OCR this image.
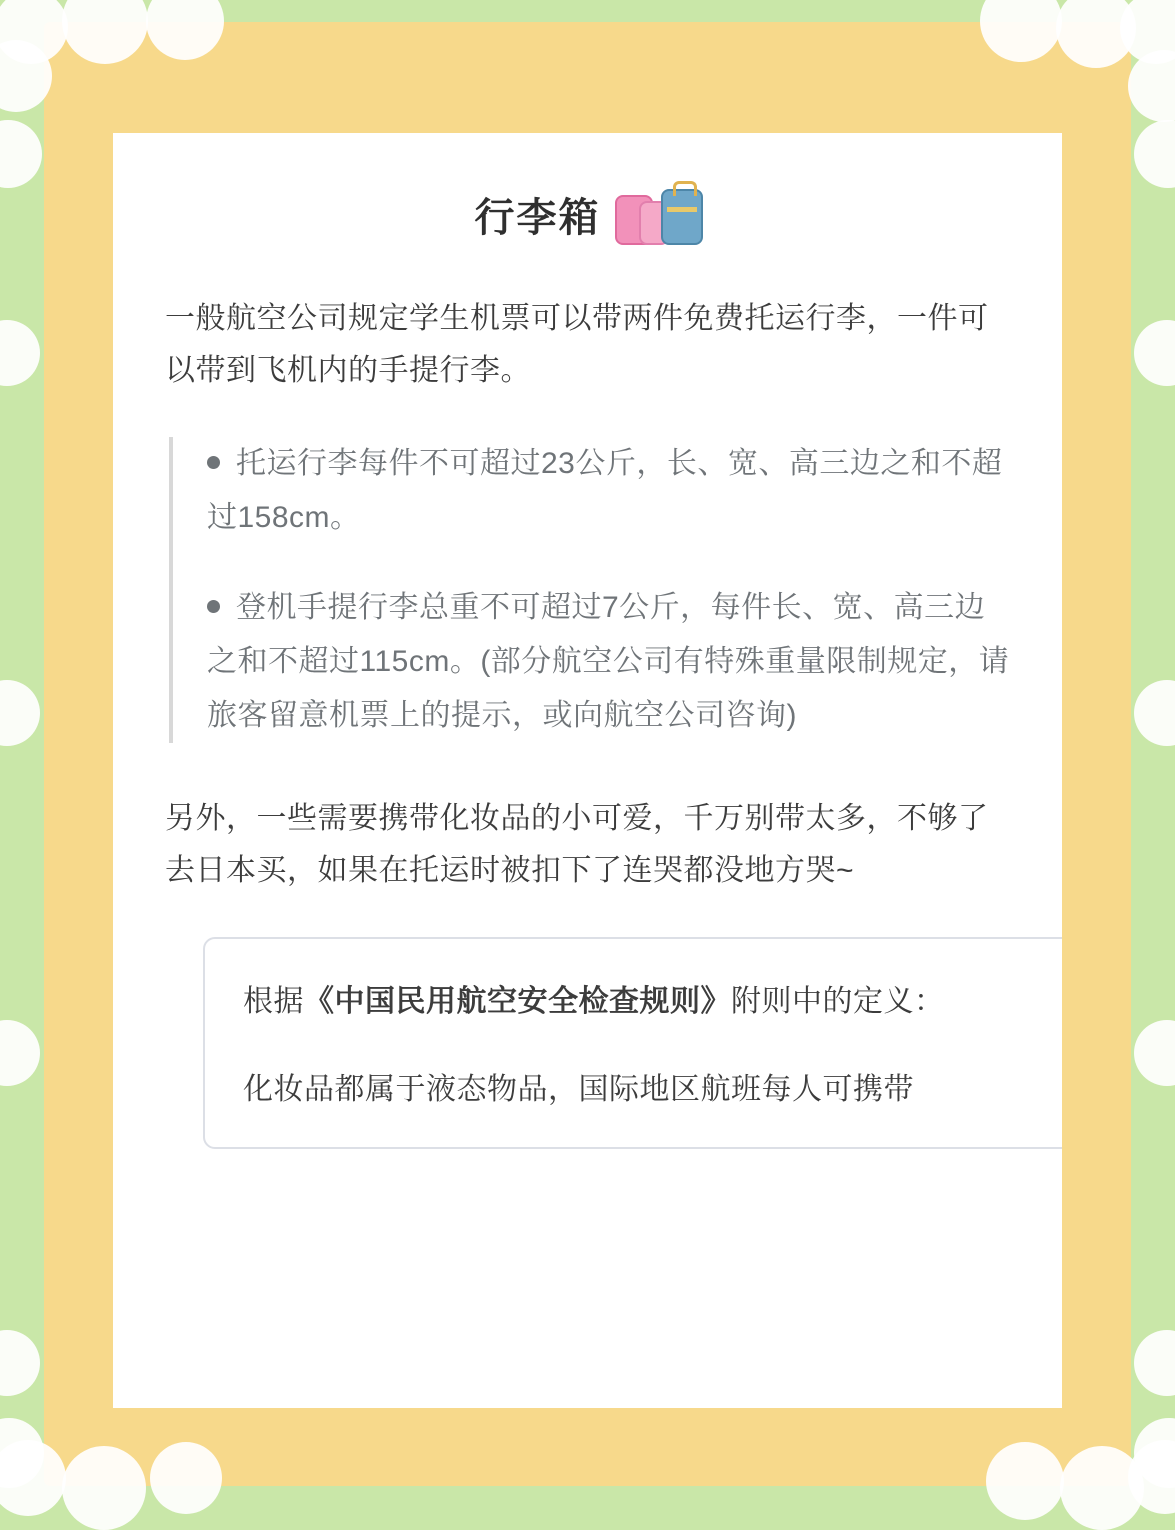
行李箱

一般航空公司规定学生机票可以带两件免费托运行李，一件可以带到飞机内的手提行李。

托运行李每件不可超过23公斤，长、宽、高三边之和不超过158cm。

登机手提行李总重不可超过7公斤，每件长、宽、高三边之和不超过115cm。(部分航空公司有特殊重量限制规定，请旅客留意机票上的提示，或向航空公司咨询)

另外，一些需要携带化妆品的小可爱，千万别带太多，不够了去日本买，如果在托运时被扣下了连哭都没地方哭~

根据《中国民用航空安全检查规则》附则中的定义：

化妆品都属于液态物品，国际地区航班每人可携带
